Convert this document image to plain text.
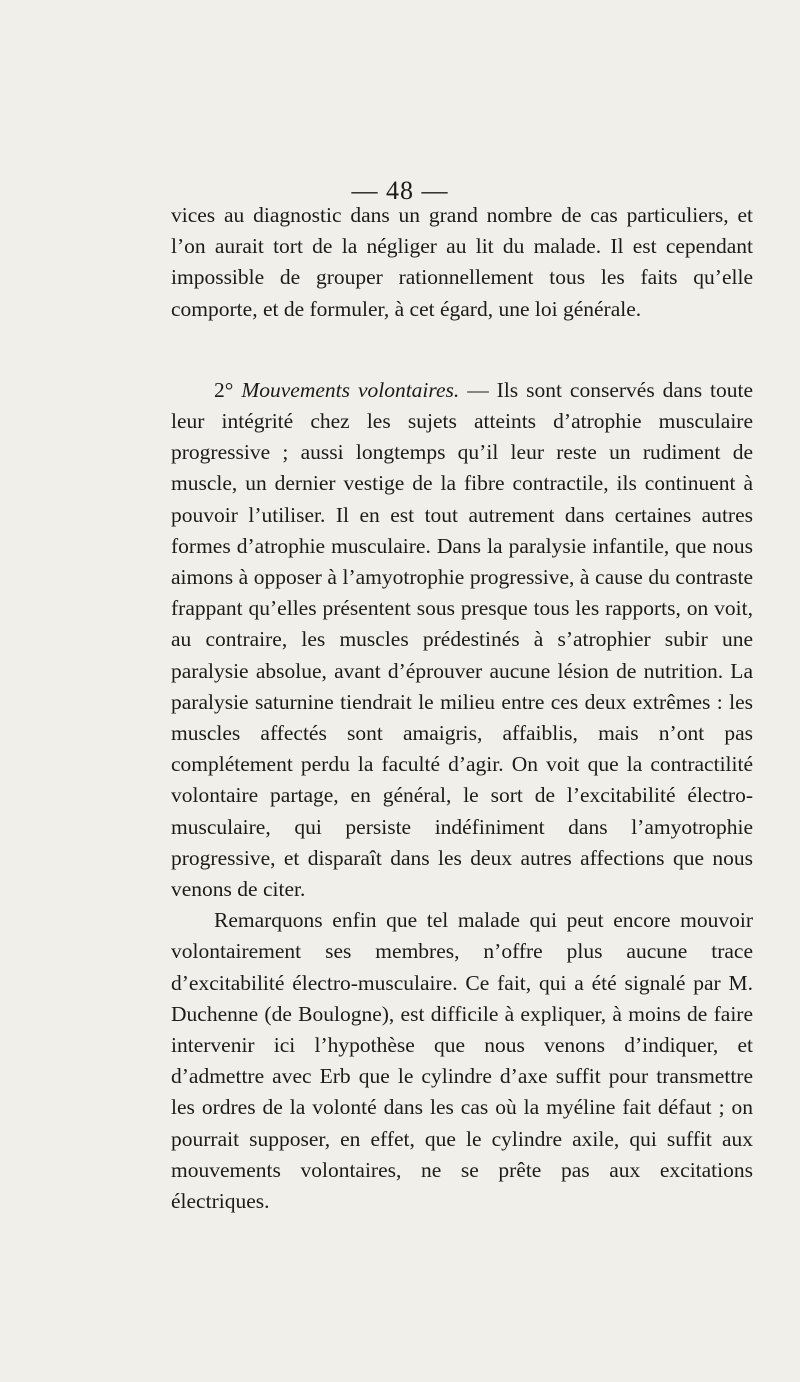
— 48 —

vices au diagnostic dans un grand nombre de cas particuliers, et l’on aurait tort de la négliger au lit du malade. Il est cependant impossible de grouper rationnellement tous les faits qu’elle comporte, et de formuler, à cet égard, une loi générale.

2° Mouvements volontaires. — Ils sont conservés dans toute leur intégrité chez les sujets atteints d’atrophie musculaire progressive ; aussi longtemps qu’il leur reste un rudiment de muscle, un dernier vestige de la fibre contractile, ils continuent à pouvoir l’utiliser. Il en est tout autrement dans certaines autres formes d’atrophie musculaire. Dans la paralysie infantile, que nous aimons à opposer à l’amyotrophie progressive, à cause du contraste frappant qu’elles présentent sous presque tous les rapports, on voit, au contraire, les muscles prédestinés à s’atrophier subir une paralysie absolue, avant d’éprouver aucune lésion de nutrition. La paralysie saturnine tiendrait le milieu entre ces deux extrêmes : les muscles affectés sont amaigris, affaiblis, mais n’ont pas complétement perdu la faculté d’agir. On voit que la contractilité volontaire partage, en général, le sort de l’excitabilité électro-musculaire, qui persiste indéfiniment dans l’amyotrophie progressive, et disparaît dans les deux autres affections que nous venons de citer.

Remarquons enfin que tel malade qui peut encore mouvoir volontairement ses membres, n’offre plus aucune trace d’excitabilité électro-musculaire. Ce fait, qui a été signalé par M. Duchenne (de Boulogne), est difficile à expliquer, à moins de faire intervenir ici l’hypothèse que nous venons d’indiquer, et d’admettre avec Erb que le cylindre d’axe suffit pour transmettre les ordres de la volonté dans les cas où la myéline fait défaut ; on pourrait supposer, en effet, que le cylindre axile, qui suffit aux mouvements volontaires, ne se prête pas aux excitations électriques.
